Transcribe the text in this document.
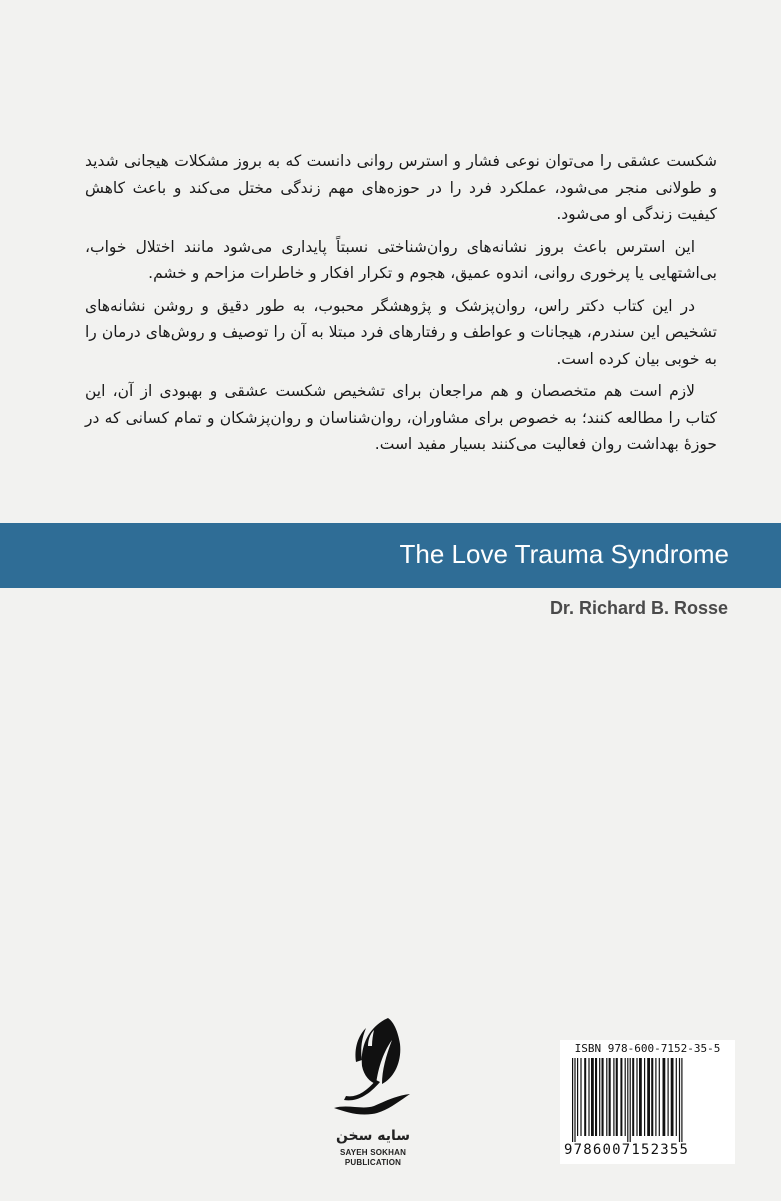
شکست عشقی را می‌توان نوعی فشار و استرس روانی دانست که به بروز مشکلات هیجانی شدید و طولانی منجر می‌شود، عملکرد فرد را در حوزه‌های مهم زندگی مختل می‌کند و باعث کاهش کیفیت زندگی او می‌شود.

این استرس باعث بروز نشانه‌های روان‌شناختی نسبتاً پایداری می‌شود مانند اختلال خواب، بی‌اشتهایی یا پرخوری روانی، اندوه عمیق، هجوم و تکرار افکار و خاطرات مزاحم و خشم.

در این کتاب دکتر راس، روان‌پزشک و پژوهشگر محبوب، به طور دقیق و روشن نشانه‌های تشخیص این سندرم، هیجانات و عواطف و رفتارهای فرد مبتلا به آن را توصیف و روش‌های درمان را به خوبی بیان کرده است.

لازم است هم متخصصان و هم مراجعان برای تشخیص شکست عشقی و بهبودی از آن، این کتاب را مطالعه کنند؛ به خصوص برای مشاوران، روان‌شناسان و روان‌پزشکان و تمام کسانی که در حوزهٔ بهداشت روان فعالیت می‌کنند بسیار مفید است.

The Love Trauma Syndrome
Dr. Richard B. Rosse
سایه سخن
SAYEH SOKHAN
PUBLICATION
ISBN 978-600-7152-35-5
9786007152355
